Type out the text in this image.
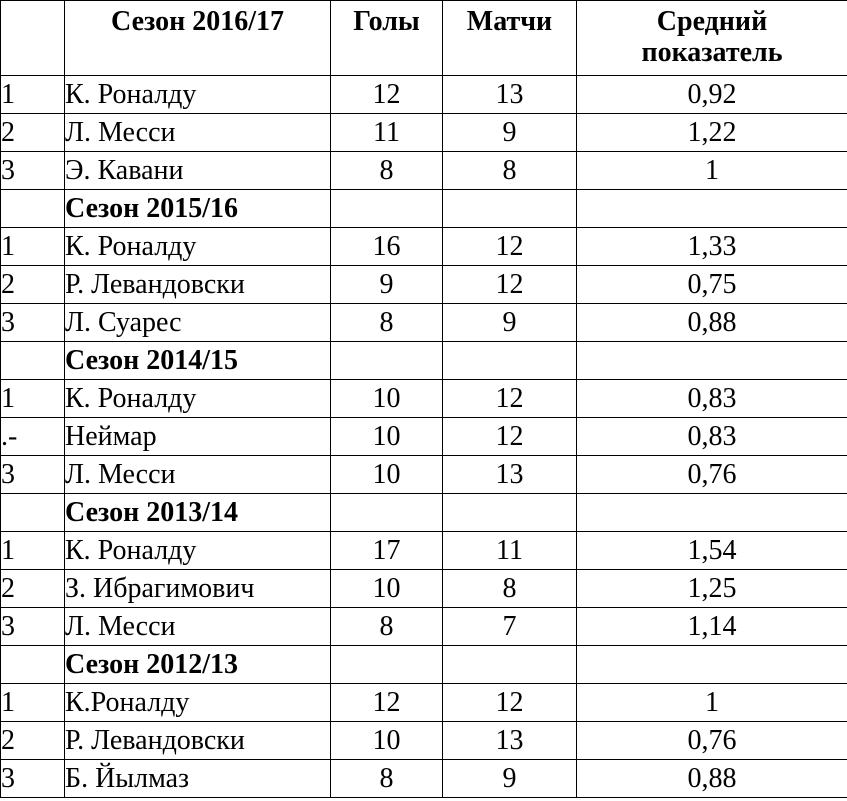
	Сезон 2016/17	Голы	Матчи	Средний
показатель
1	К. Роналду	12	13	0,92
2	Л. Месси	11	9	1,22
3	Э. Кавани	8	8	1
	Сезон 2015/16			
1	К. Роналду	16	12	1,33
2	Р. Левандовски	9	12	0,75
3	Л. Суарес	8	9	0,88
	Сезон 2014/15			
1	К. Роналду	10	12	0,83
.-	Неймар	10	12	0,83
3	Л. Месси	10	13	0,76
	Сезон 2013/14			
1	К. Роналду	17	11	1,54
2	З. Ибрагимович	10	8	1,25
3	Л. Месси	8	7	1,14
	Сезон 2012/13			
1	К.Роналду	12	12	1
2	Р. Левандовски	10	13	0,76
3	Б. Йылмаз	8	9	0,88
